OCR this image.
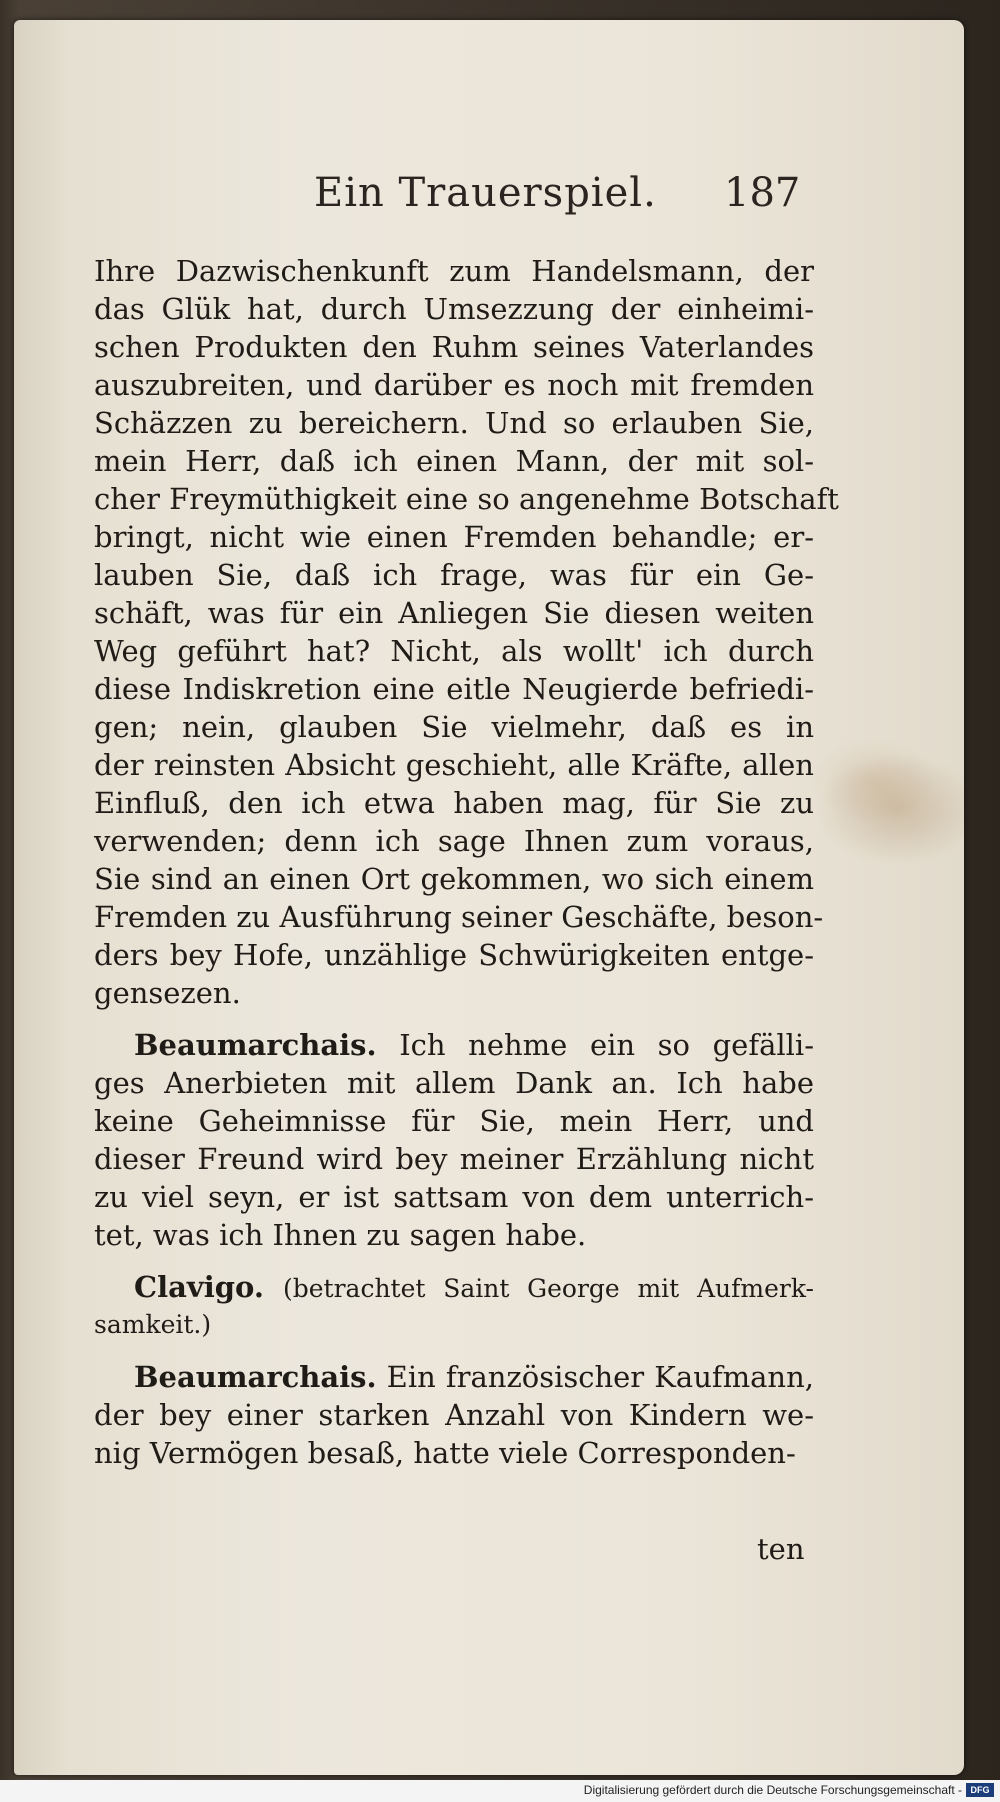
Ein Trauerspiel. 187
Ihre Dazwischenkunft zum Handelsmann, der
das Glük hat, durch Umsezzung der einheimi-
schen Produkten den Ruhm seines Vaterlandes
auszubreiten, und darüber es noch mit fremden
Schäzzen zu bereichern. Und so erlauben Sie,
mein Herr, daß ich einen Mann, der mit sol-
cher Freymüthigkeit eine so angenehme Botschaft
bringt, nicht wie einen Fremden behandle; er-
lauben Sie, daß ich frage, was für ein Ge-
schäft, was für ein Anliegen Sie diesen weiten
Weg geführt hat? Nicht, als wollt' ich durch
diese Indiskretion eine eitle Neugierde befriedi-
gen; nein, glauben Sie vielmehr, daß es in
der reinsten Absicht geschieht, alle Kräfte, allen
Einfluß, den ich etwa haben mag, für Sie zu
verwenden; denn ich sage Ihnen zum voraus,
Sie sind an einen Ort gekommen, wo sich einem
Fremden zu Ausführung seiner Geschäfte, beson-
ders bey Hofe, unzählige Schwürigkeiten entge-
gensezen.
Beaumarchais. Ich nehme ein so gefälli-
ges Anerbieten mit allem Dank an. Ich habe
keine Geheimnisse für Sie, mein Herr, und
dieser Freund wird bey meiner Erzählung nicht
zu viel seyn, er ist sattsam von dem unterrich-
tet, was ich Ihnen zu sagen habe.
Clavigo. (betrachtet Saint George mit Aufmerk-
samkeit.)
Beaumarchais. Ein französischer Kaufmann,
der bey einer starken Anzahl von Kindern we-
nig Vermögen besaß, hatte viele Corresponden-
ten
Digitalisierung gefördert durch die Deutsche Forschungsgemeinschaft - DFG
